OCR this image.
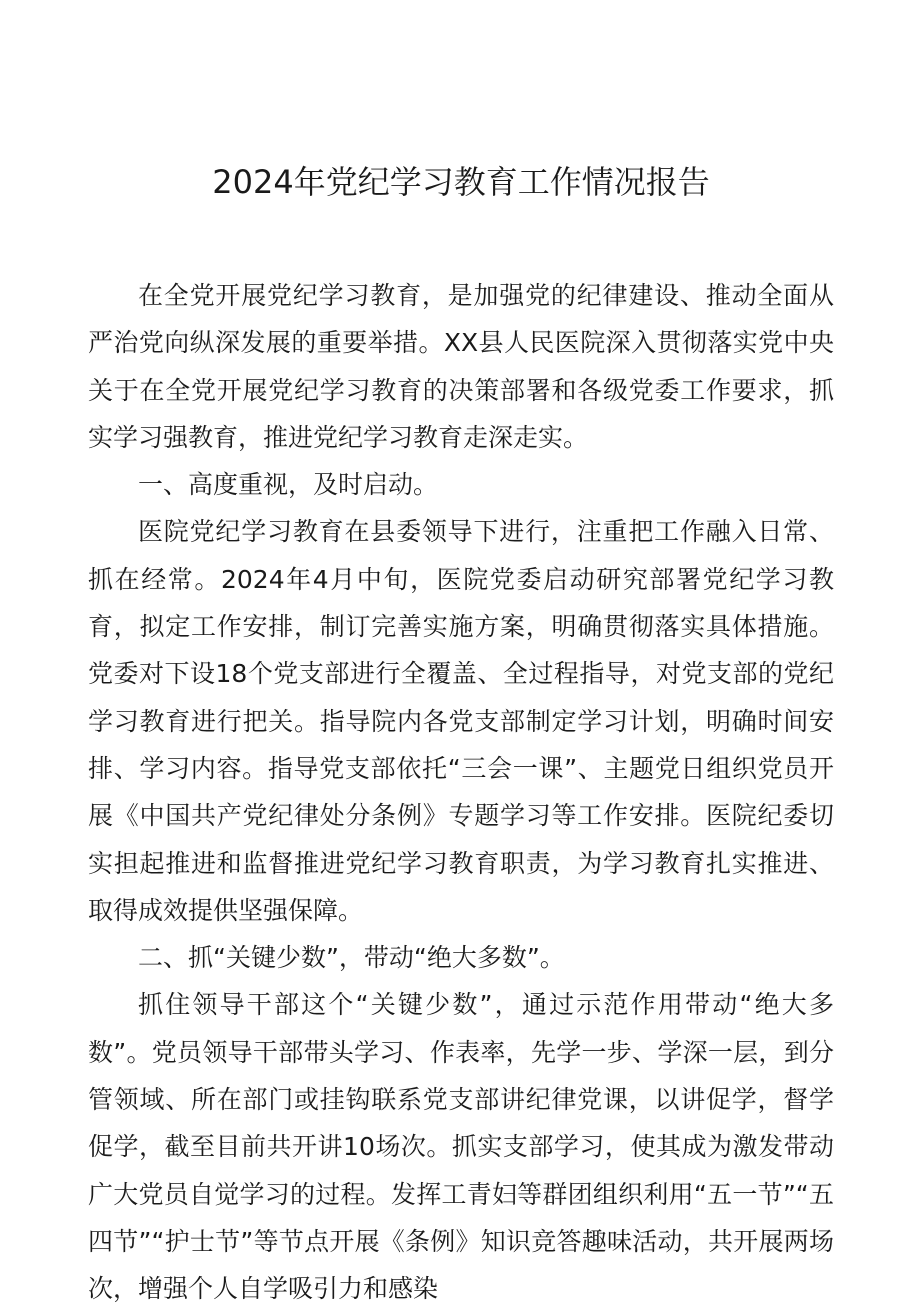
2024年党纪学习教育工作情况报告

在全党开展党纪学习教育，是加强党的纪律建设、推动全面从严治党向纵深发展的重要举措。XX县人民医院深入贯彻落实党中央关于在全党开展党纪学习教育的决策部署和各级党委工作要求，抓实学习强教育，推进党纪学习教育走深走实。

一、高度重视，及时启动。

医院党纪学习教育在县委领导下进行，注重把工作融入日常、抓在经常。2024年4月中旬，医院党委启动研究部署党纪学习教育，拟定工作安排，制订完善实施方案，明确贯彻落实具体措施。党委对下设18个党支部进行全覆盖、全过程指导，对党支部的党纪学习教育进行把关。指导院内各党支部制定学习计划，明确时间安排、学习内容。指导党支部依托“三会一课”、主题党日组织党员开展《中国共产党纪律处分条例》专题学习等工作安排。医院纪委切实担起推进和监督推进党纪学习教育职责，为学习教育扎实推进、取得成效提供坚强保障。

二、抓“关键少数”，带动“绝大多数”。

抓住领导干部这个“关键少数”，通过示范作用带动“绝大多数”。党员领导干部带头学习、作表率，先学一步、学深一层，到分管领域、所在部门或挂钩联系党支部讲纪律党课，以讲促学，督学促学，截至目前共开讲10场次。抓实支部学习，使其成为激发带动广大党员自觉学习的过程。发挥工青妇等群团组织利用“五一节”“五四节”“护士节”等节点开展《条例》知识竞答趣味活动，共开展两场次，增强个人自学吸引力和感染
